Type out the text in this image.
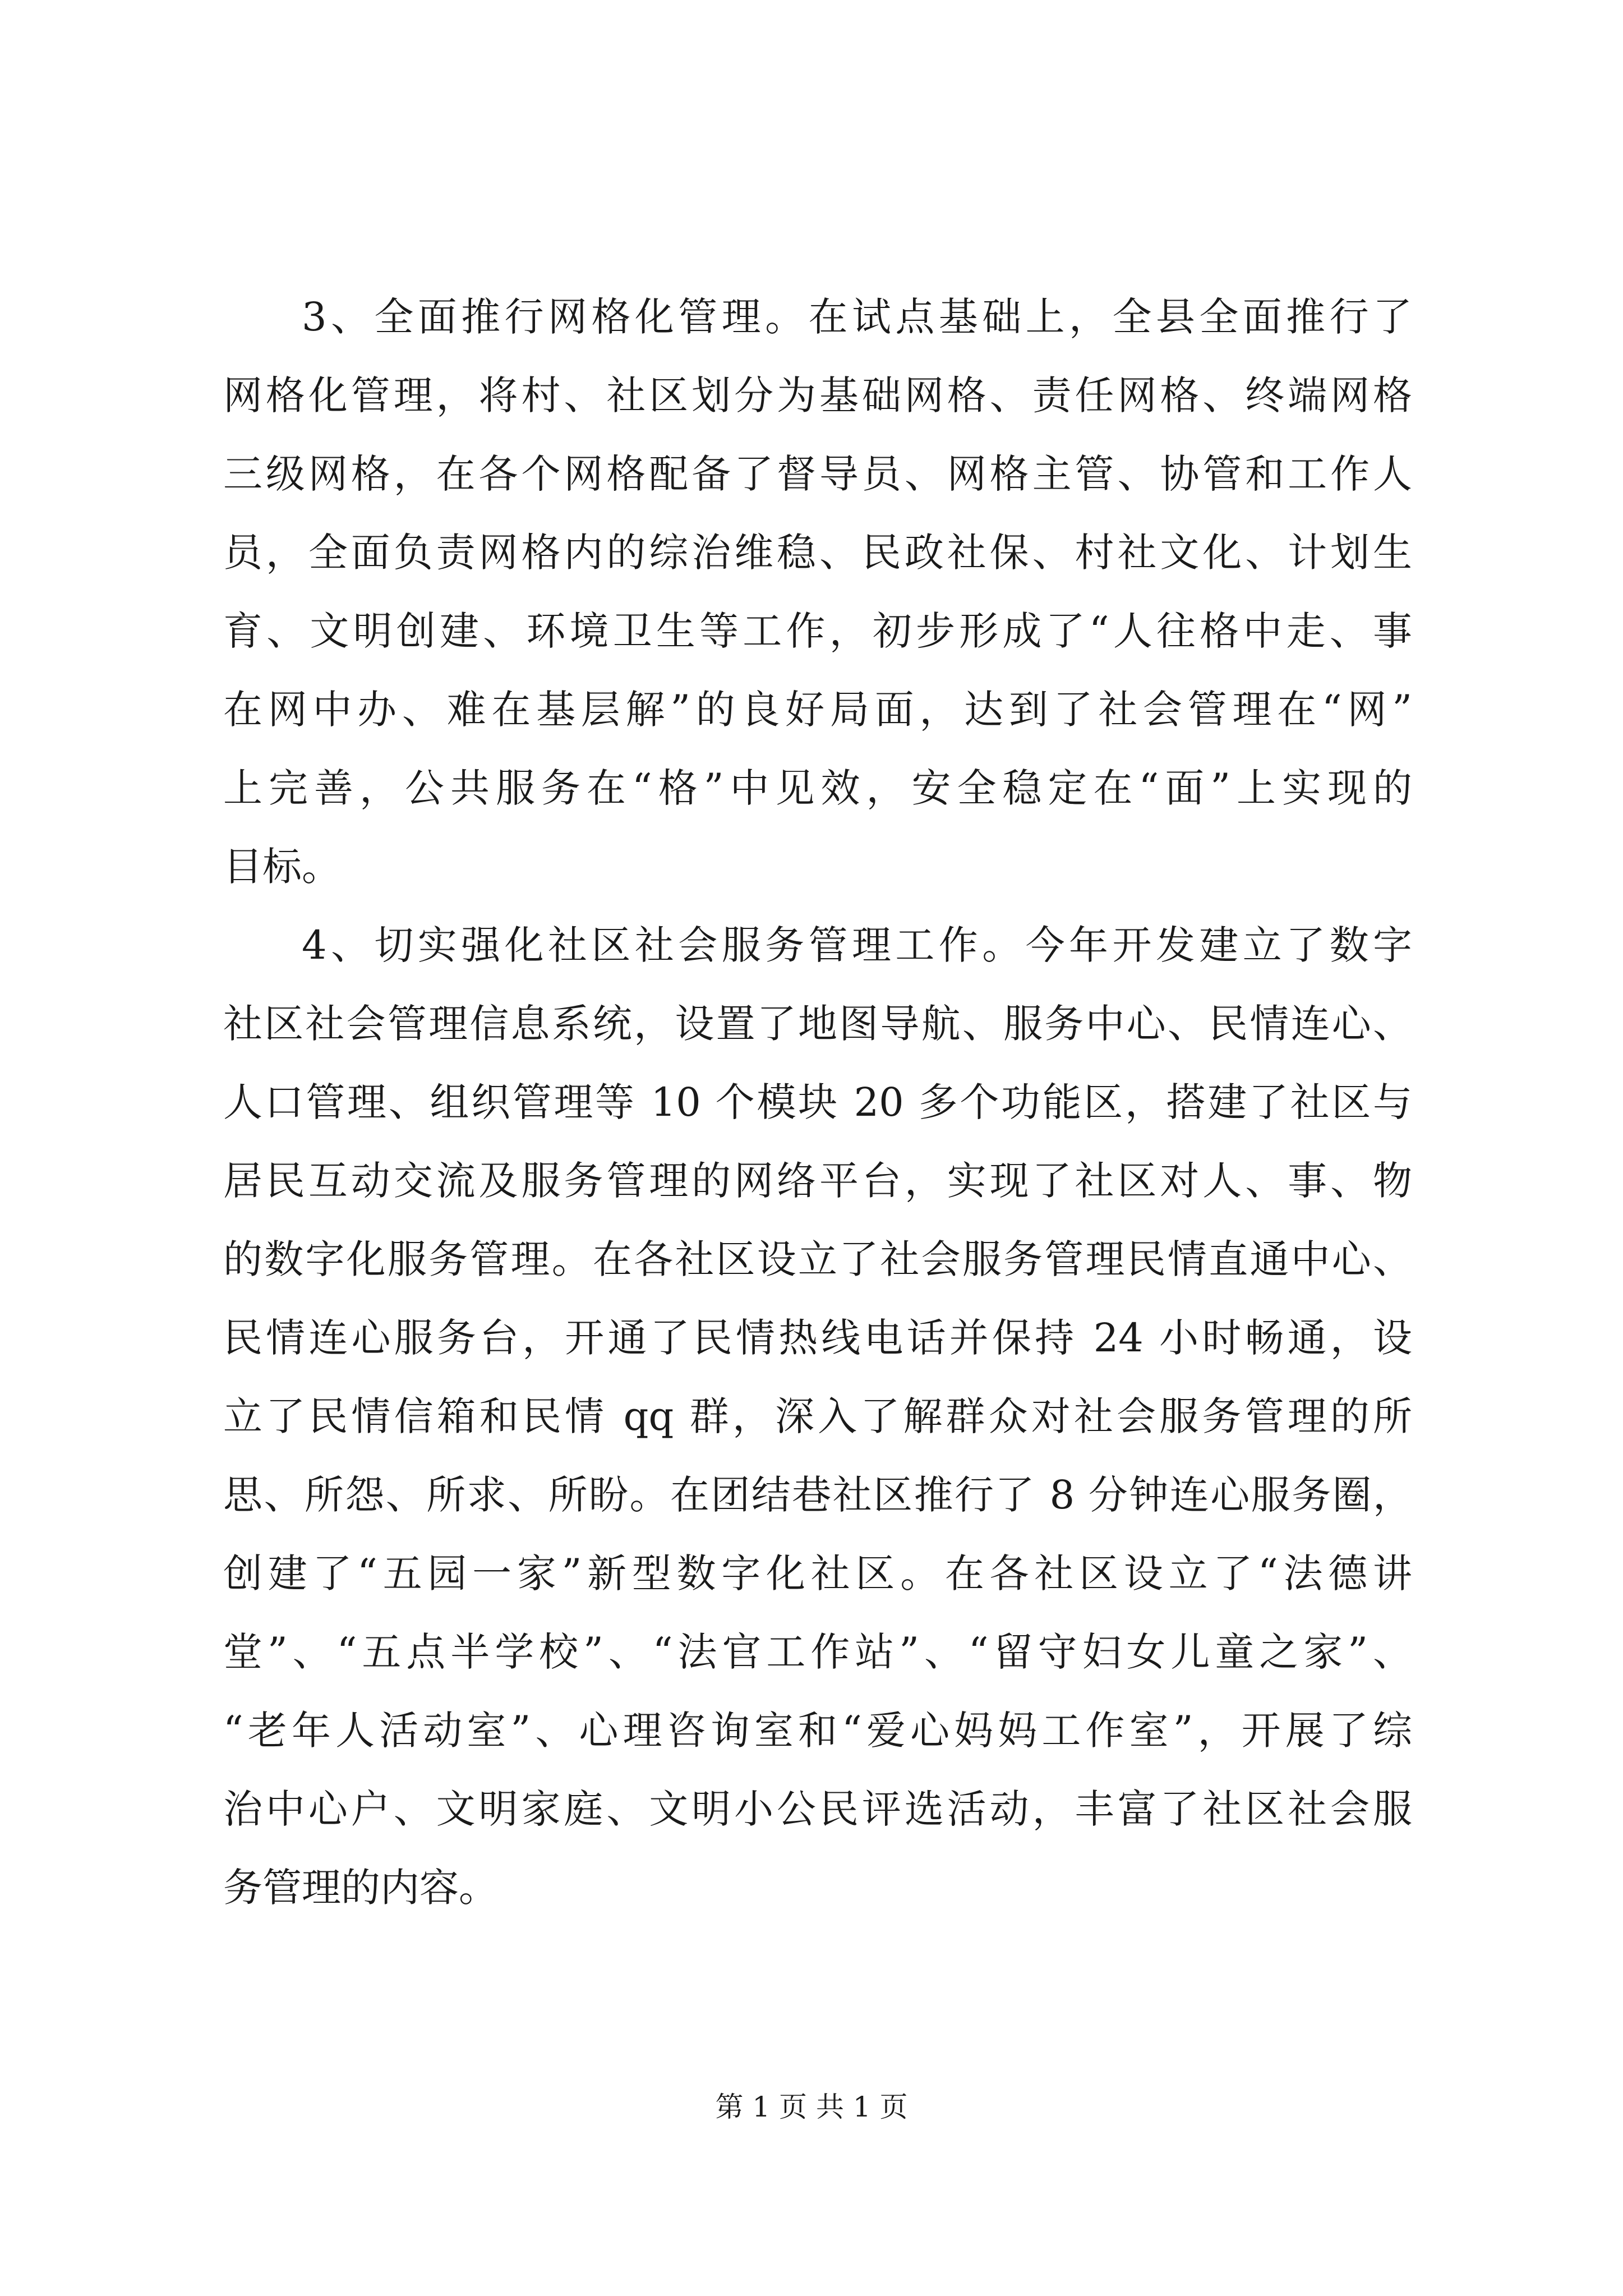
3、全面推行网格化管理。在试点基础上，全县全面推行了
网格化管理，将村、社区划分为基础网格、责任网格、终端网格
三级网格，在各个网格配备了督导员、网格主管、协管和工作人
员，全面负责网格内的综治维稳、民政社保、村社文化、计划生
育、文明创建、环境卫生等工作，初步形成了“人往格中走、事
在网中办、难在基层解”的良好局面，达到了社会管理在“网”
上完善，公共服务在“格”中见效，安全稳定在“面”上实现的
目标。
4、切实强化社区社会服务管理工作。今年开发建立了数字
社区社会管理信息系统，设置了地图导航、服务中心、民情连心、
人口管理、组织管理等 10 个模块 20 多个功能区，搭建了社区与
居民互动交流及服务管理的网络平台，实现了社区对人、事、物
的数字化服务管理。在各社区设立了社会服务管理民情直通中心、
民情连心服务台，开通了民情热线电话并保持 24 小时畅通，设
立了民情信箱和民情 qq 群，深入了解群众对社会服务管理的所
思、所怨、所求、所盼。在团结巷社区推行了 8 分钟连心服务圈，
创建了“五园一家”新型数字化社区。在各社区设立了“法德讲
堂”、“五点半学校”、“法官工作站”、“留守妇女儿童之家”、
“老年人活动室”、心理咨询室和“爱心妈妈工作室”，开展了综
治中心户、文明家庭、文明小公民评选活动，丰富了社区社会服
务管理的内容。
第 1 页 共 1 页
